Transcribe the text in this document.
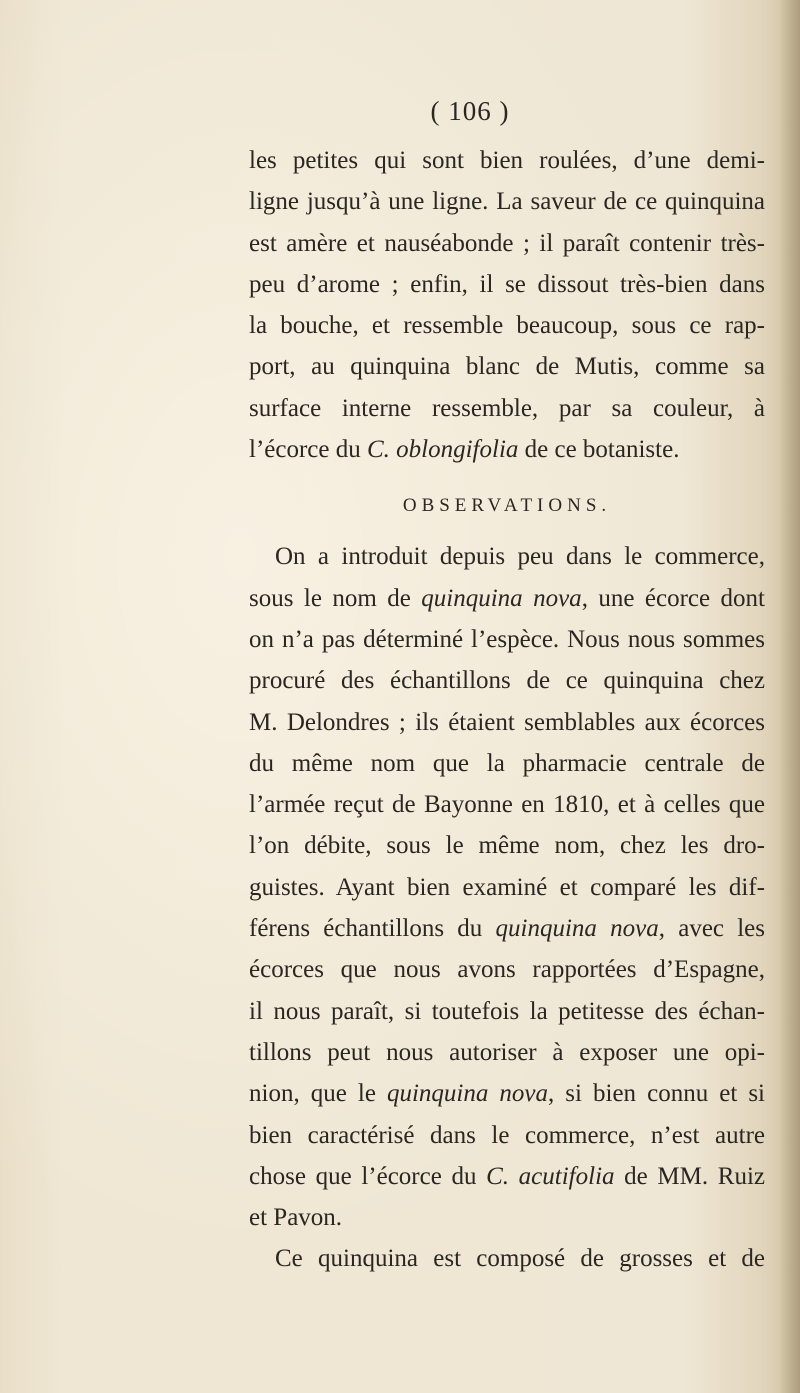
( 106 )
les petites qui sont bien roulées, d’une demi-
ligne jusqu’à une ligne. La saveur de ce quinquina
est amère et nauséabonde ; il paraît contenir très-
peu d’arome ; enfin, il se dissout très-bien dans
la bouche, et ressemble beaucoup, sous ce rap-
port, au quinquina blanc de Mutis, comme sa
surface interne ressemble, par sa couleur, à
l’écorce du C. oblongifolia de ce botaniste.
OBSERVATIONS.
On a introduit depuis peu dans le commerce,
sous le nom de quinquina nova, une écorce dont
on n’a pas déterminé l’espèce. Nous nous sommes
procuré des échantillons de ce quinquina chez
M. Delondres ; ils étaient semblables aux écorces
du même nom que la pharmacie centrale de
l’armée reçut de Bayonne en 1810, et à celles que
l’on débite, sous le même nom, chez les dro-
guistes. Ayant bien examiné et comparé les dif-
férens échantillons du quinquina nova, avec les
écorces que nous avons rapportées d’Espagne,
il nous paraît, si toutefois la petitesse des échan-
tillons peut nous autoriser à exposer une opi-
nion, que le quinquina nova, si bien connu et si
bien caractérisé dans le commerce, n’est autre
chose que l’écorce du C. acutifolia de MM. Ruiz
et Pavon.
Ce quinquina est composé de grosses et de
